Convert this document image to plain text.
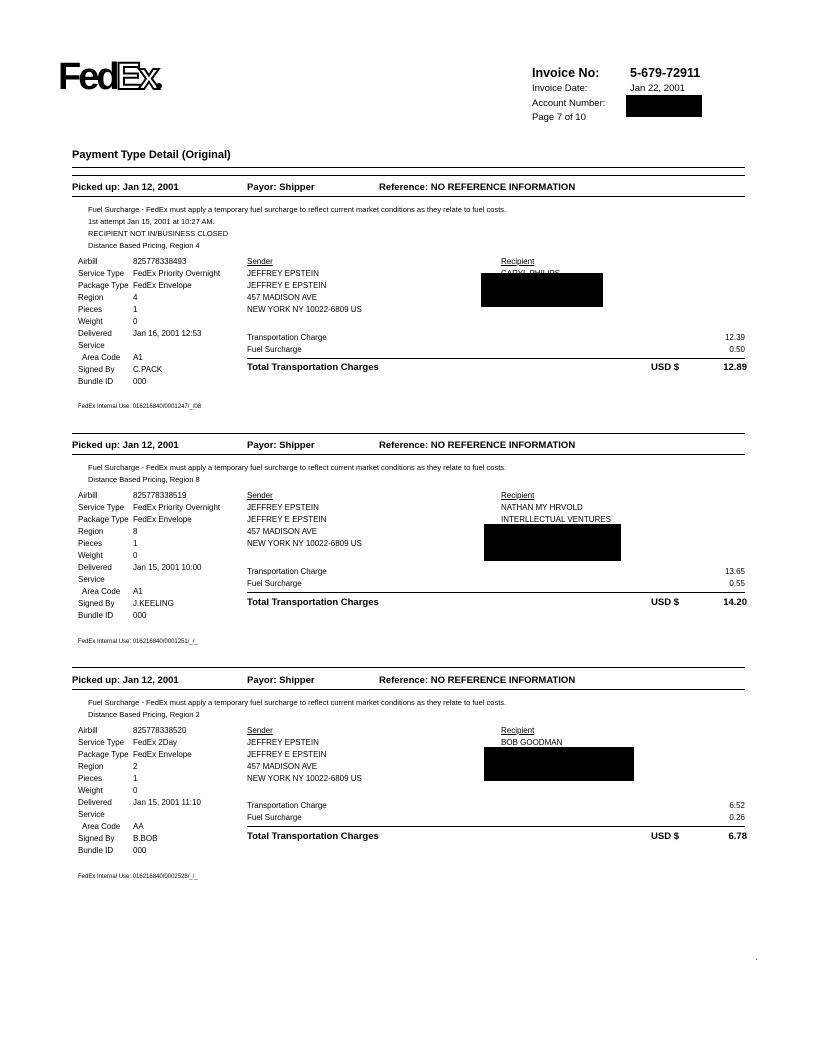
Fed Ex	Invoice No: 5-679-72911
Invoice Date:	Jan 22, 2001
Account Number:
Page 7 of 10
Payment Type Detail (Original)
Picked up: Jan 12, 2001	Payor: Shipper	Reference: NO REFERENCE INFORMATION
Fuel Surcharge - FedEx must apply a temporary fuel surcharge to reflect current market conditions as they relate to fuel costs.
1st attempt Jan 15, 2001 at 10:27 AM.
RECIPIENT NOT IN/BUSINESS CLOSED
Distance Based Pricing, Region 4
Airbill	825778338493
Service Type FedEx Priority Overnight
Package Type FedEx Envelope
Region	4
Pieces	1
Weight	0
Delivered	Jan 16, 2001 12:53
Service
Area Code A1
Signed By C.PACK
Bundle ID 000
Sender
JEFFREY EPSTEIN
JEFFREY E EPSTEIN
457 MADISON AVE
NEW YORK NY 10022-6809 US
Recipient
Transportation Charge	12.39
Fuel Surcharge	0.50
Total Transportation Charges	USD $	12.89
FedEx Internal Use: 016216840/0001247/_/08
Picked up: Jan 12, 2001	Payor: Shipper	Reference: NO REFERENCE INFORMATION
Fuel Surcharge - FedEx must apply a temporary fuel surcharge to reflect current market conditions as they relate to fuel costs.
Distance Based Pricing, Region 8
Airbill	825778338519
Service Type FedEx Priority Overnight
Package Type FedEx Envelope
Region	8
Pieces	1
Weight	0
Delivered	Jan 15, 2001 10:00
Service
Area Code A1
Signed By J.KEELING
Bundle ID 000
Sender
JEFFREY EPSTEIN
JEFFREY E EPSTEIN
457 MADISON AVE
NEW YORK NY 10022-6809 US
Recipient
NATHAN MY HRVOLD
INTERLLECTUAL VENTURES
Transportation Charge	13.65
Fuel Surcharge	0.55
Total Transportation Charges	USD $	14.20
FedEx Internal Use: 016216840/0001251/_/_
Picked up: Jan 12, 2001	Payor: Shipper	Reference: NO REFERENCE INFORMATION
Fuel Surcharge - FedEx must apply a temporary fuel surcharge to reflect current market conditions as they relate to fuel costs.
Distance Based Pricing, Region 2
Airbill	825778338520
Service Type FedEx 2Day
Package Type FedEx Envelope
Region	2
Pieces	1
Weight	0
Delivered	Jan 15, 2001 11:10
Service
Area Code AA
Signed By B.BOB
Bundle ID 000
Sender
JEFFREY EPSTEIN
JEFFREY E EPSTEIN
457 MADISON AVE
NEW YORK NY 10022-6809 US
Recipient
BOB GOODMAN
Transportation Charge	6.52
Fuel Surcharge	0.26
Total Transportation Charges	USD $	6.78
FedEx Internal Use: 016216840/0002528/_/_
·
